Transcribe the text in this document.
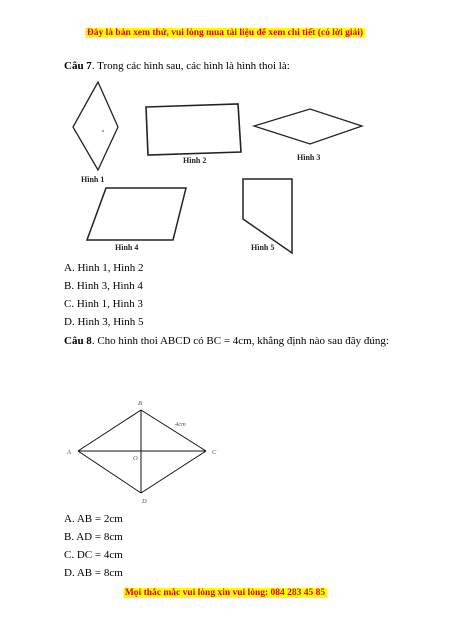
Đây là bản xem thử, vui lòng mua tài liệu để xem chi tiết (có lời giải)
Câu 7. Trong các hình sau, các hình là hình thoi là:
Hình 1
Hình 2	Hình 3
Hình 4	Hình 5
A. Hình 1, Hình 2
B. Hình 3, Hình 4
C. Hình 1, Hình 3
D. Hình 3, Hình 5
Câu 8. Cho hình thoi ABCD có BC = 4cm, khẳng định nào sau đây đúng:
A
B
C
D
O
4cm
A. AB = 2cm
B. AD = 8cm
C. DC = 4cm
D. AB = 8cm
Mọi thắc mắc vui lòng xin vui lòng: 084 283 45 85
